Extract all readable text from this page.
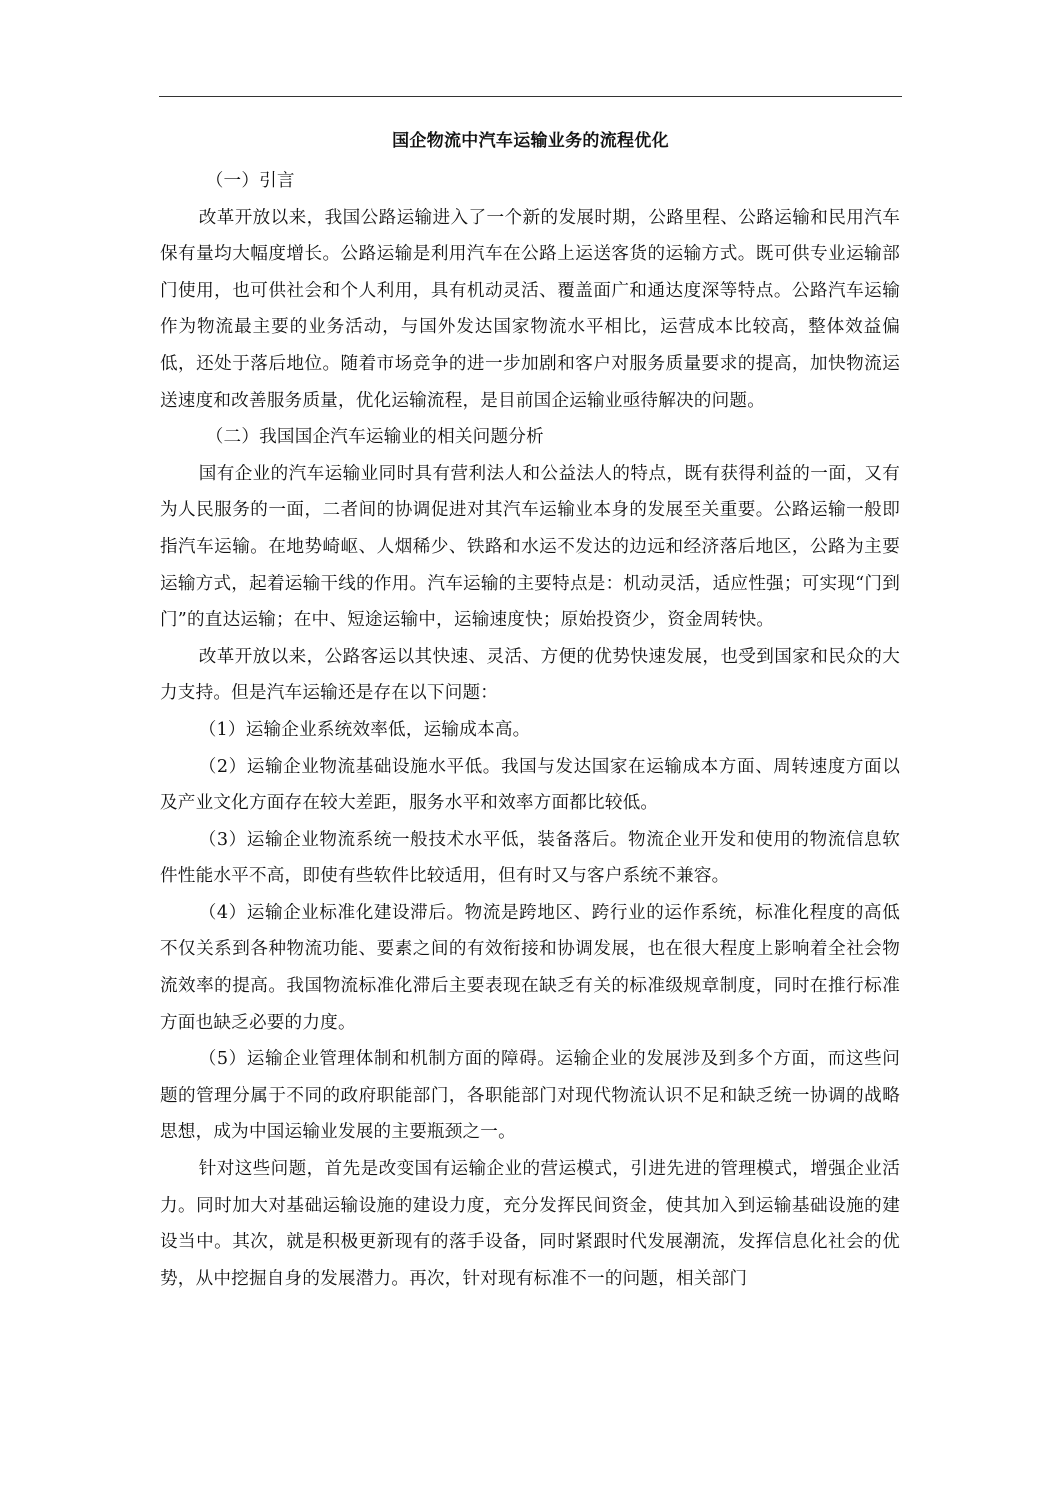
国企物流中汽车运输业务的流程优化

（一）引言

改革开放以来，我国公路运输进入了一个新的发展时期，公路里程、公路运输和民用汽车保有量均大幅度增长。公路运输是利用汽车在公路上运送客货的运输方式。既可供专业运输部门使用，也可供社会和个人利用，具有机动灵活、覆盖面广和通达度深等特点。公路汽车运输作为物流最主要的业务活动，与国外发达国家物流水平相比，运营成本比较高，整体效益偏低，还处于落后地位。随着市场竞争的进一步加剧和客户对服务质量要求的提高，加快物流运送速度和改善服务质量，优化运输流程，是目前国企运输业亟待解决的问题。

（二）我国国企汽车运输业的相关问题分析

国有企业的汽车运输业同时具有营利法人和公益法人的特点，既有获得利益的一面，又有为人民服务的一面，二者间的协调促进对其汽车运输业本身的发展至关重要。公路运输一般即指汽车运输。在地势崎岖、人烟稀少、铁路和水运不发达的边远和经济落后地区，公路为主要运输方式，起着运输干线的作用。汽车运输的主要特点是：机动灵活，适应性强；可实现“门到门”的直达运输；在中、短途运输中，运输速度快；原始投资少，资金周转快。

改革开放以来，公路客运以其快速、灵活、方便的优势快速发展，也受到国家和民众的大力支持。但是汽车运输还是存在以下问题：

（1）运输企业系统效率低，运输成本高。

（2）运输企业物流基础设施水平低。我国与发达国家在运输成本方面、周转速度方面以及产业文化方面存在较大差距，服务水平和效率方面都比较低。

（3）运输企业物流系统一般技术水平低，装备落后。物流企业开发和使用的物流信息软件性能水平不高，即使有些软件比较适用，但有时又与客户系统不兼容。

（4）运输企业标准化建设滞后。物流是跨地区、跨行业的运作系统，标准化程度的高低不仅关系到各种物流功能、要素之间的有效衔接和协调发展，也在很大程度上影响着全社会物流效率的提高。我国物流标准化滞后主要表现在缺乏有关的标准级规章制度，同时在推行标准方面也缺乏必要的力度。

（5）运输企业管理体制和机制方面的障碍。运输企业的发展涉及到多个方面，而这些问题的管理分属于不同的政府职能部门，各职能部门对现代物流认识不足和缺乏统一协调的战略思想，成为中国运输业发展的主要瓶颈之一。

针对这些问题，首先是改变国有运输企业的营运模式，引进先进的管理模式，增强企业活力。同时加大对基础运输设施的建设力度，充分发挥民间资金，使其加入到运输基础设施的建设当中。其次，就是积极更新现有的落手设备，同时紧跟时代发展潮流，发挥信息化社会的优势，从中挖掘自身的发展潜力。再次，针对现有标准不一的问题，相关部门
